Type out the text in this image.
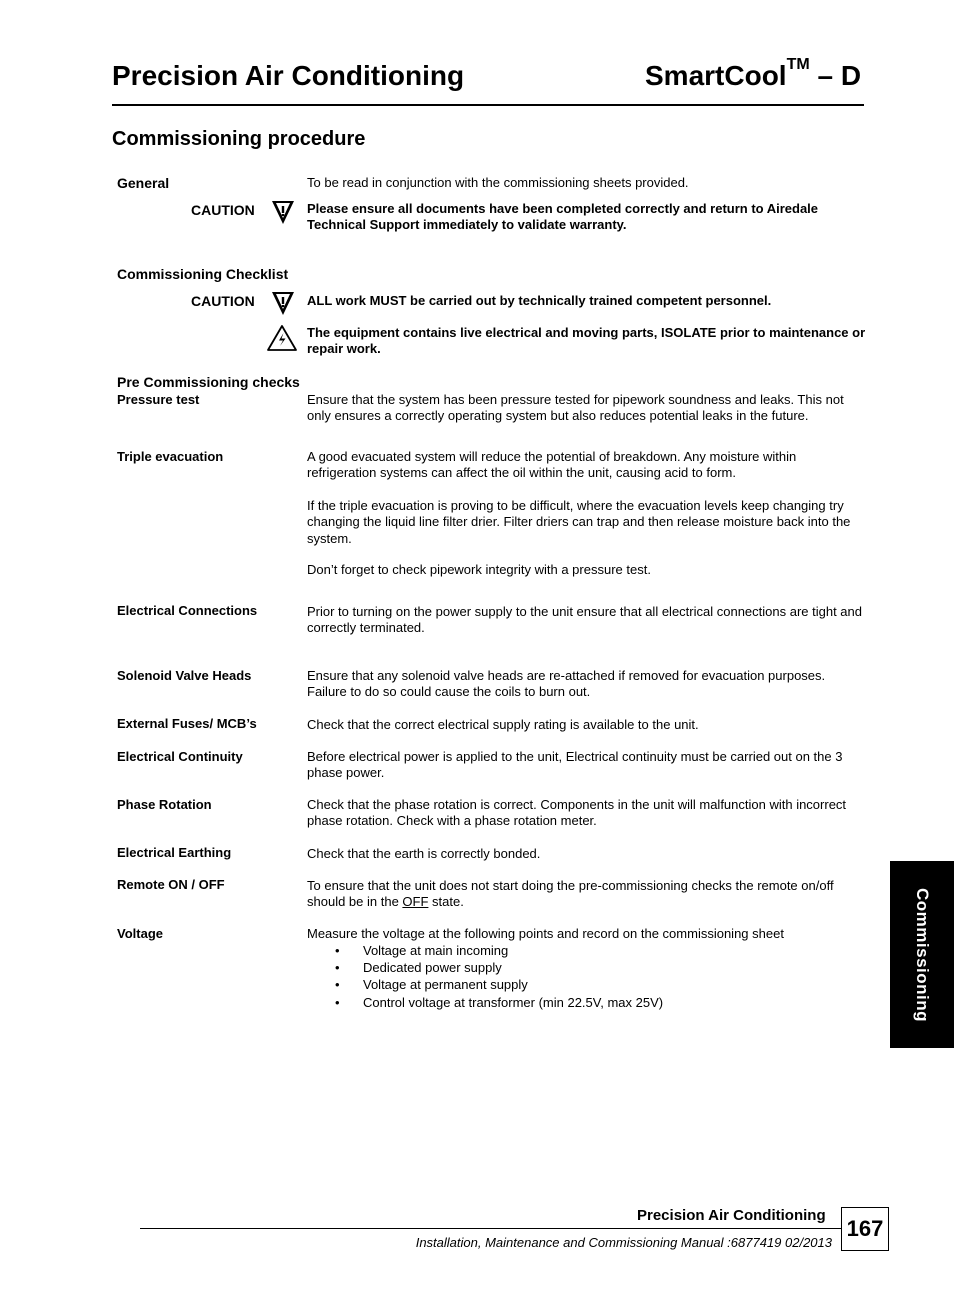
Precision Air Conditioning	SmartCool™ – D
Commissioning procedure
General	To be read in conjunction with the commissioning sheets provided.
CAUTION	Please ensure all documents have been completed correctly and return to Airedale Technical Support immediately to validate warranty.
Commissioning Checklist
CAUTION	ALL work MUST be carried out by technically trained competent personnel.
The equipment contains live electrical and moving parts, ISOLATE prior to maintenance or repair work.
Pre Commissioning checks
Pressure test	Ensure that the system has been pressure tested for pipework soundness and leaks. This not only ensures a correctly operating system but also reduces potential leaks in the future.
Triple evacuation	A good evacuated system will reduce the potential of breakdown. Any moisture within refrigeration systems can affect the oil within the unit, causing acid to form.
If the triple evacuation is proving to be difficult, where the evacuation levels keep changing try changing the liquid line filter drier. Filter driers can trap and then release moisture back into the system.
Don’t forget to check pipework integrity with a pressure test.
Electrical Connections	Prior to turning on the power supply to the unit ensure that all electrical connections are tight and correctly terminated.
Solenoid Valve Heads	Ensure that any solenoid valve heads are re-attached if removed for evacuation purposes. Failure to do so could cause the coils to burn out.
External Fuses/ MCB’s	Check that the correct electrical supply rating is available to the unit.
Electrical Continuity	Before electrical power is applied to the unit, Electrical continuity must be carried out on the 3 phase power.
Phase Rotation	Check that the phase rotation is correct. Components in the unit will malfunction with incorrect phase rotation. Check with a phase rotation meter.
Electrical Earthing	Check that the earth is correctly bonded.
Remote ON / OFF	To ensure that the unit does not start doing the pre-commissioning checks the remote on/off should be in the OFF state.
Voltage	Measure the voltage at the following points and record on the commissioning sheet
• Voltage at main incoming
• Dedicated power supply
• Voltage at permanent supply
• Control voltage at transformer (min 22.5V, max 25V)	Commissioning
Precision Air Conditioning
Installation, Maintenance and Commissioning Manual :6877419 02/2013
167
